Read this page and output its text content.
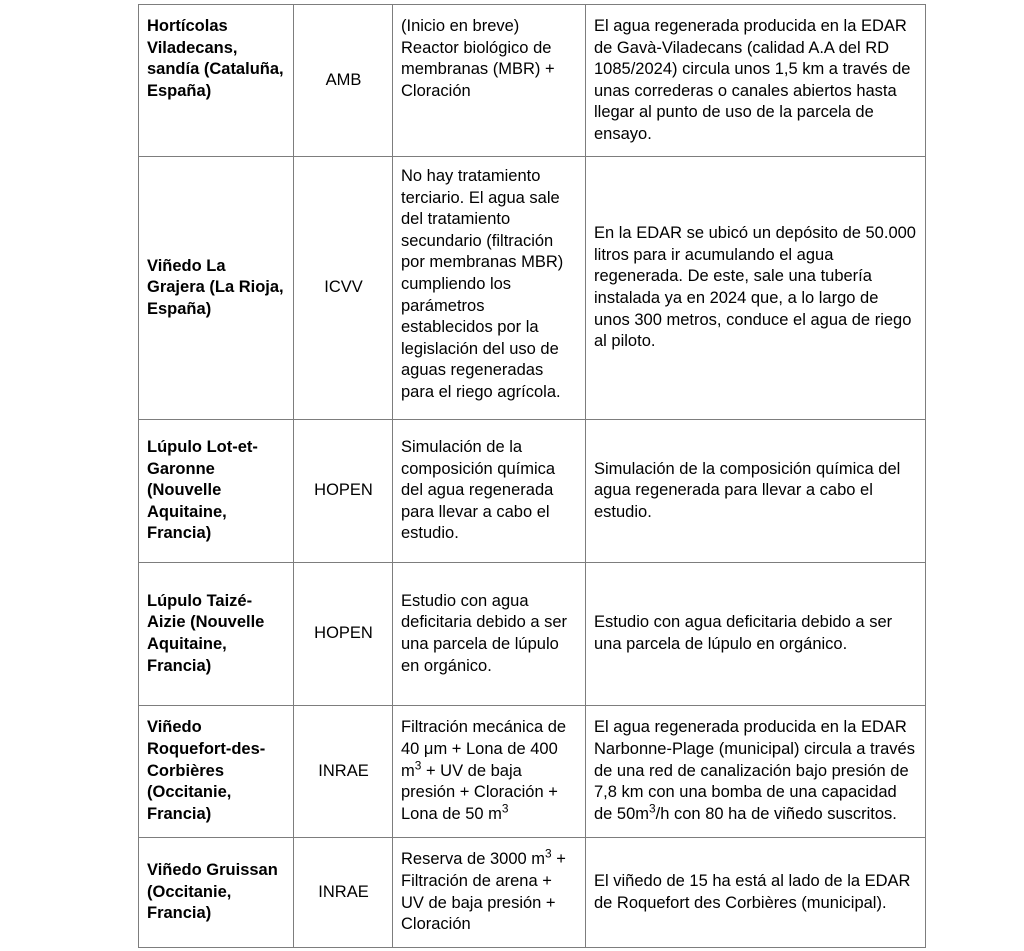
Hortícolas Viladecans, sandía (Cataluña, España)	AMB	(Inicio en breve) Reactor biológico de membranas (MBR) + Cloración	El agua regenerada producida en la EDAR de Gavà-Viladecans (calidad A.A del RD 1085/2024) circula unos 1,5 km a través de unas correderas o canales abiertos hasta llegar al punto de uso de la parcela de ensayo.
Viñedo La Grajera (La Rioja, España)	ICVV	No hay tratamiento terciario. El agua sale del tratamiento secundario (filtración por membranas MBR) cumpliendo los parámetros establecidos por la legislación del uso de aguas regeneradas para el riego agrícola.	En la EDAR se ubicó un depósito de 50.000 litros para ir acumulando el agua regenerada. De este, sale una tubería instalada ya en 2024 que, a lo largo de unos 300 metros, conduce el agua de riego al piloto.
Lúpulo Lot-et-Garonne (Nouvelle Aquitaine, Francia)	HOPEN	Simulación de la composición química del agua regenerada para llevar a cabo el estudio.	Simulación de la composición química del agua regenerada para llevar a cabo el estudio.
Lúpulo Taizé-Aizie (Nouvelle Aquitaine, Francia)	HOPEN	Estudio con agua deficitaria debido a ser una parcela de lúpulo en orgánico.	Estudio con agua deficitaria debido a ser una parcela de lúpulo en orgánico.
Viñedo Roquefort-des-Corbières (Occitanie, Francia)	INRAE	Filtración mecánica de 40 μm + Lona de 400 $m^3$ + UV de baja presión + Cloración + Lona de 50 $m^3$	El agua regenerada producida en la EDAR Narbonne-Plage (municipal) circula a través de una red de canalización bajo presión de 7,8 km con una bomba de una capacidad de $50m^3/h$ con 80 ha de viñedo suscritos.
Viñedo Gruissan (Occitanie, Francia)	INRAE	Reserva de 3000 $m^3$ + Filtración de arena + UV de baja presión + Cloración	El viñedo de 15 ha está al lado de la EDAR de Roquefort des Corbières (municipal).
